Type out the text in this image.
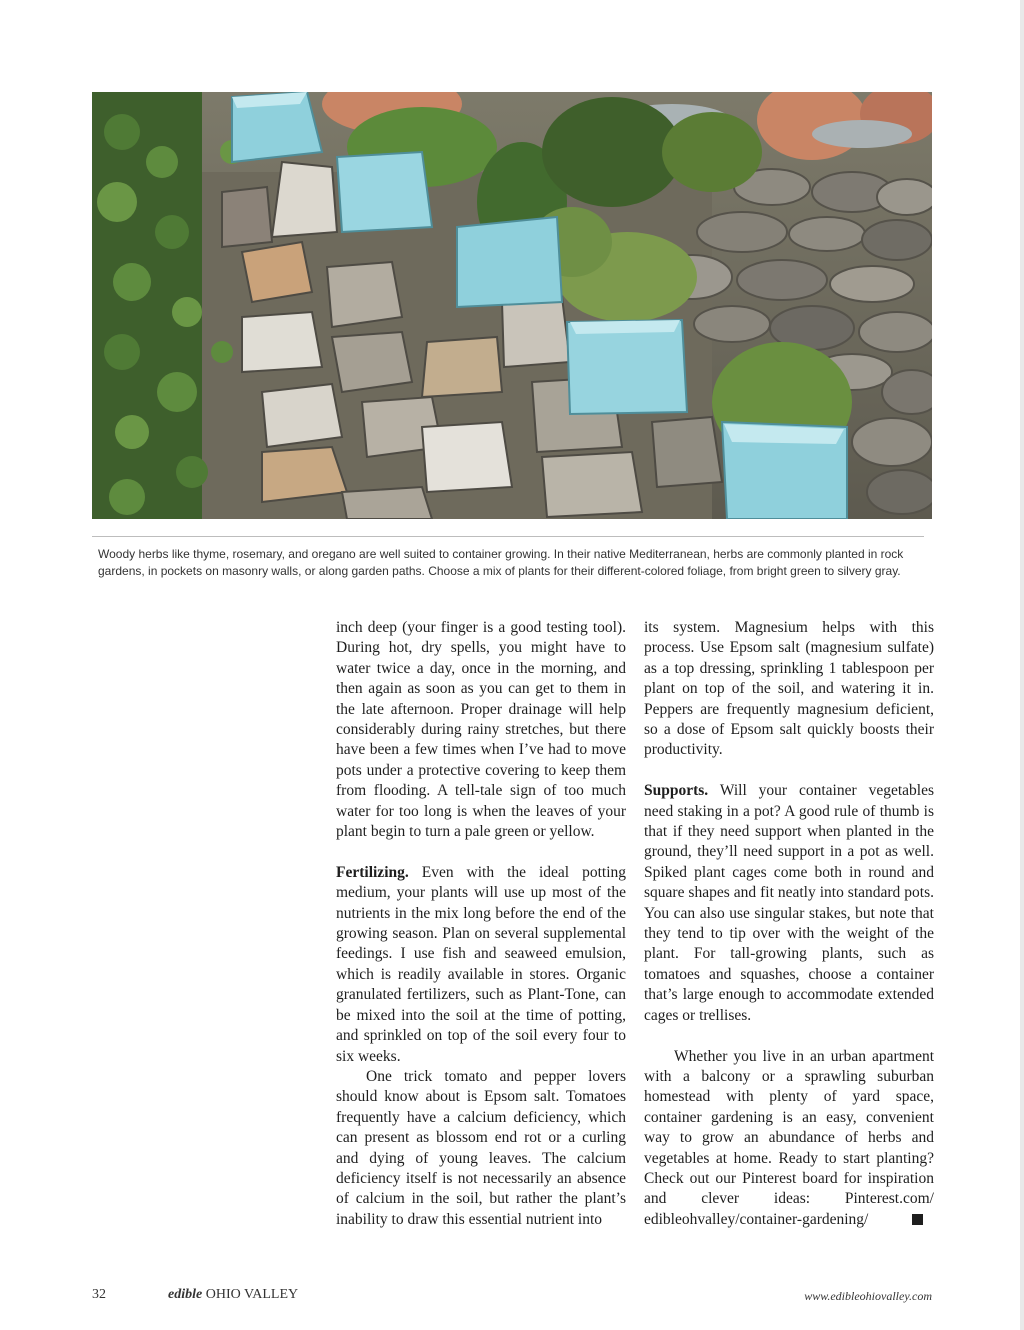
Woody herbs like thyme, rosemary, and oregano are well suited to container growing. In their native Mediterranean, herbs are commonly planted in rock gardens, in pockets on masonry walls, or along garden paths. Choose a mix of plants for their different-colored foliage, from bright green to silvery gray.

inch deep (your finger is a good testing tool). During hot, dry spells, you might have to water twice a day, once in the morning, and then again as soon as you can get to them in the late afternoon. Proper drainage will help considerably during rainy stretches, but there have been a few times when I’ve had to move pots under a protective covering to keep them from flooding. A tell-tale sign of too much water for too long is when the leaves of your plant begin to turn a pale green or yellow.

Fertilizing. Even with the ideal potting medium, your plants will use up most of the nutrients in the mix long before the end of the growing season. Plan on several supplemental feedings. I use fish and seaweed emulsion, which is readily available in stores. Organic granulated fertilizers, such as Plant-Tone, can be mixed into the soil at the time of potting, and sprinkled on top of the soil every four to six weeks.

One trick tomato and pepper lovers should know about is Epsom salt. Tomatoes frequently have a calcium deficiency, which can present as blossom end rot or a curling and dying of young leaves. The calcium deficiency itself is not necessarily an absence of calcium in the soil, but rather the plant’s inability to draw this essential nutrient into

its system. Magnesium helps with this process. Use Epsom salt (magnesium sulfate) as a top dressing, sprinkling 1 tablespoon per plant on top of the soil, and watering it in. Peppers are frequently magnesium deficient, so a dose of Epsom salt quickly boosts their productivity.

Supports. Will your container vegetables need staking in a pot? A good rule of thumb is that if they need support when planted in the ground, they’ll need support in a pot as well. Spiked plant cages come both in round and square shapes and fit neatly into standard pots. You can also use singular stakes, but note that they tend to tip over with the weight of the plant. For tall-growing plants, such as tomatoes and squashes, choose a container that’s large enough to accommodate extended cages or trellises.

Whether you live in an urban apartment with a balcony or a sprawling suburban homestead with plenty of yard space, container gardening is an easy, convenient way to grow an abundance of herbs and vegetables at home. Ready to start planting? Check out our Pinterest board for inspiration and clever ideas: Pinterest.com/ edibleohvalley/container-gardening/

32	edible OHIO VALLEY	www.edibleohiovalley.com
